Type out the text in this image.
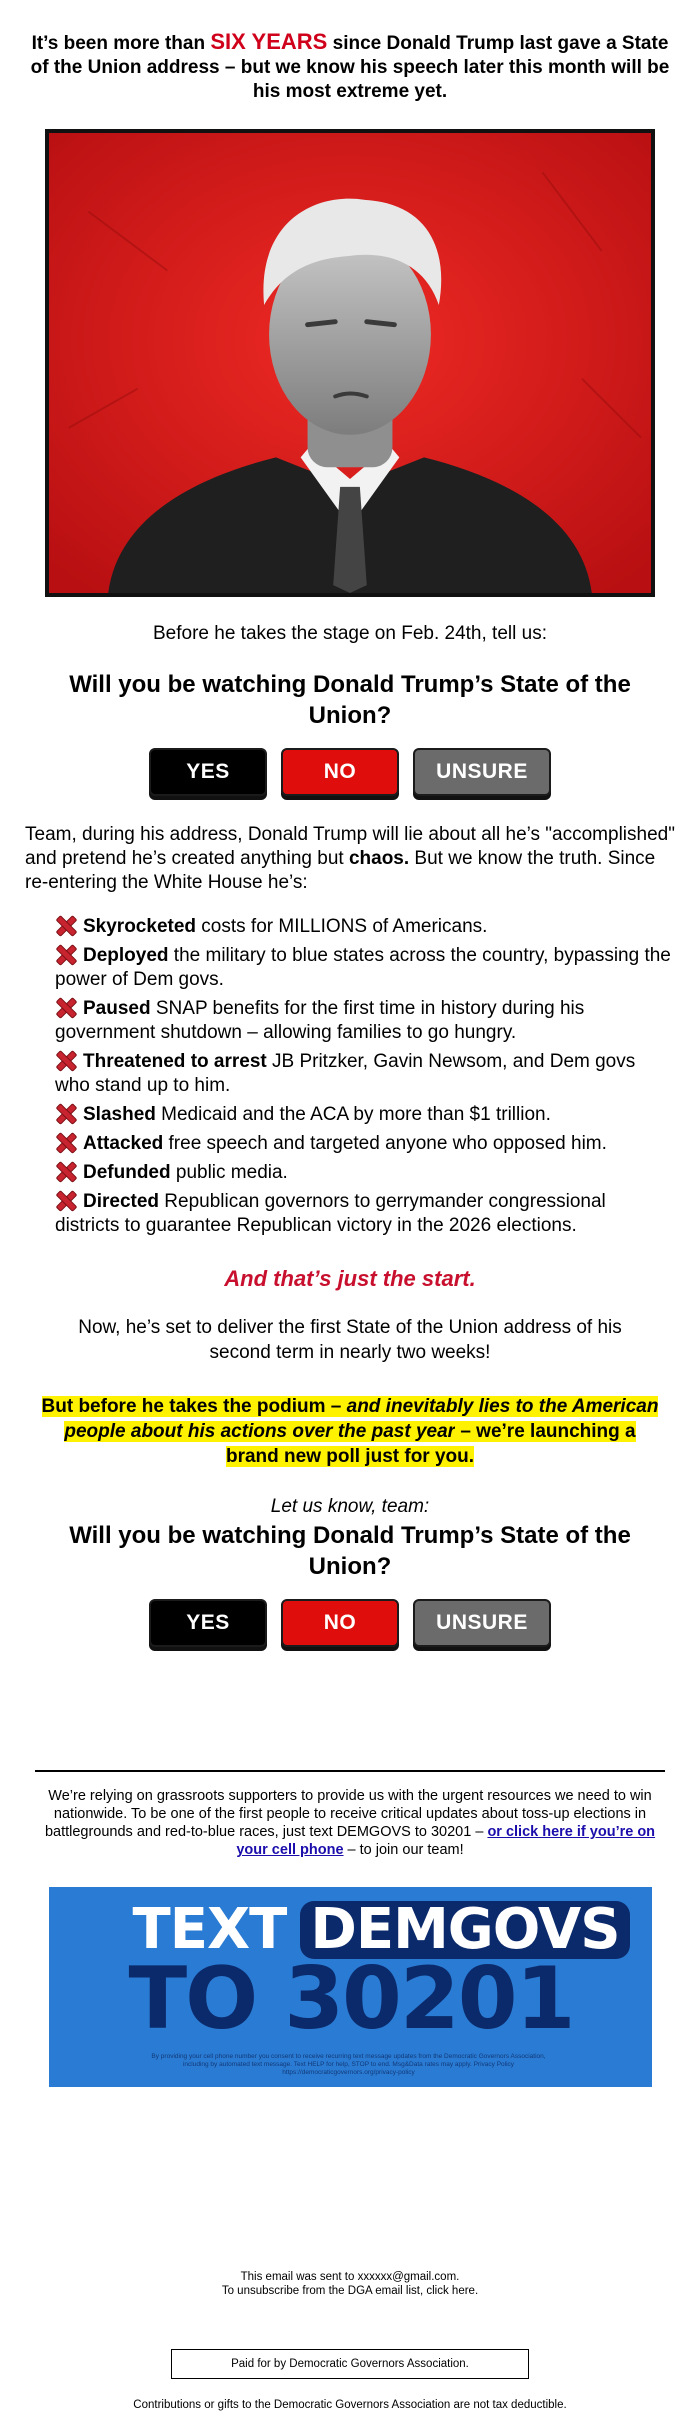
It’s been more than SIX YEARS since Donald Trump last gave a State of the Union address – but we know his speech later this month will be his most extreme yet.

Before he takes the stage on Feb. 24th, tell us:

Will you be watching Donald Trump’s State of the Union?
YES	NO	UNSURE

Team, during his address, Donald Trump will lie about all he’s "accomplished" and pretend he’s created anything but chaos. But we know the truth. Since re-entering the White House he’s:

Skyrocketed costs for MILLIONS of Americans.
Deployed the military to blue states across the country, bypassing the power of Dem govs.
Paused SNAP benefits for the first time in history during his government shutdown – allowing families to go hungry.
Threatened to arrest JB Pritzker, Gavin Newsom, and Dem govs who stand up to him.
Slashed Medicaid and the ACA by more than $1 trillion.
Attacked free speech and targeted anyone who opposed him.
Defunded public media.
Directed Republican governors to gerrymander congressional districts to guarantee Republican victory in the 2026 elections.

And that’s just the start.

Now, he’s set to deliver the first State of the Union address of his second term in nearly two weeks!

But before he takes the podium – and inevitably lies to the American people about his actions over the past year – we’re launching a brand new poll just for you.

Let us know, team:

Will you be watching Donald Trump’s State of the Union?
YES	NO	UNSURE

We’re relying on grassroots supporters to provide us with the urgent resources we need to win nationwide. To be one of the first people to receive critical updates about toss-up elections in battlegrounds and red-to-blue races, just text DEMGOVS to 30201 – or click here if you’re on your cell phone – to join our team!

TEXT DEMGOVS
TO 30201
By providing your cell phone number you consent to receive recurring text message updates from the Democratic Governors Association, including by automated text message. Text HELP for help, STOP to end. Msg&Data rates may apply. Privacy Policy https://democraticgovernors.org/privacy-policy

This email was sent to xxxxxx@gmail.com.
To unsubscribe from the DGA email list, click here.

Paid for by Democratic Governors Association.

Contributions or gifts to the Democratic Governors Association are not tax deductible.
